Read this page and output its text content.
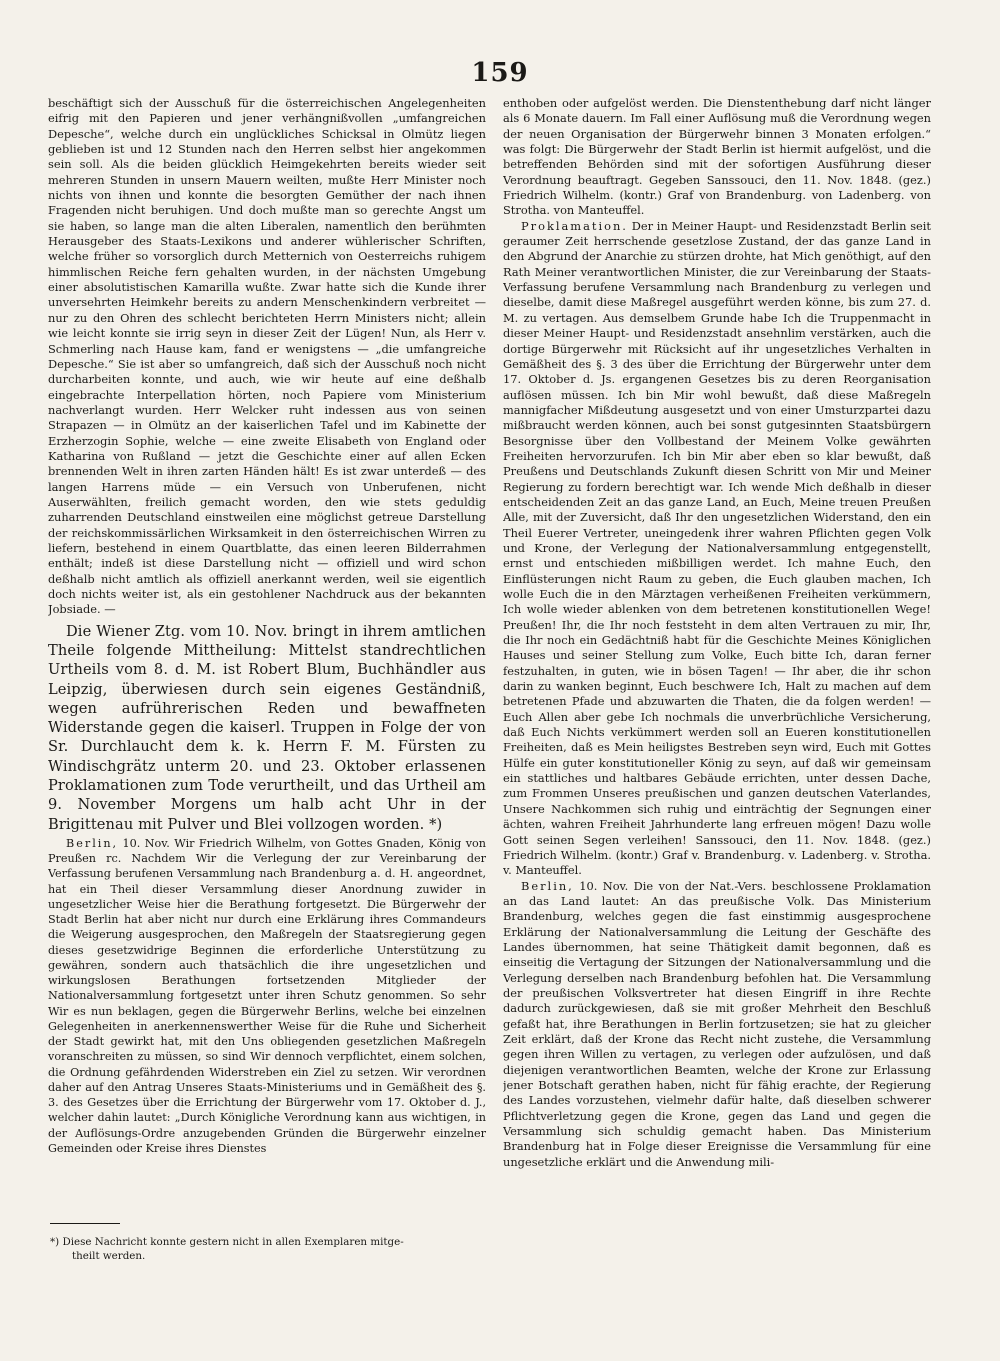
159

beschäftigt sich der Ausschuß für die österreichischen Angelegenheiten eifrig mit den Papieren und jener verhängnißvollen „umfangreichen Depesche“, welche durch ein unglückliches Schicksal in Olmütz liegen geblieben ist und 12 Stunden nach den Herren selbst hier angekommen sein soll. Als die beiden glücklich Heimgekehrten bereits wieder seit mehreren Stunden in unsern Mauern weilten, mußte Herr Minister noch nichts von ihnen und konnte die besorgten Gemüther der nach ihnen Fragenden nicht beruhigen. Und doch mußte man so gerechte Angst um sie haben, so lange man die alten Liberalen, namentlich den berühmten Herausgeber des Staats-Lexikons und anderer wühlerischer Schriften, welche früher so vorsorglich durch Metternich von Oesterreichs ruhigem himmlischen Reiche fern gehalten wurden, in der nächsten Umgebung einer absolutistischen Kamarilla wußte. Zwar hatte sich die Kunde ihrer unversehrten Heimkehr bereits zu andern Menschenkindern verbreitet — nur zu den Ohren des schlecht berichteten Herrn Ministers nicht; allein wie leicht konnte sie irrig seyn in dieser Zeit der Lügen! Nun, als Herr v. Schmerling nach Hause kam, fand er wenigstens — „die umfangreiche Depesche.“ Sie ist aber so umfangreich, daß sich der Ausschuß noch nicht durcharbeiten konnte, und auch, wie wir heute auf eine deßhalb eingebrachte Interpellation hörten, noch Papiere vom Ministerium nachverlangt wurden. Herr Welcker ruht indessen aus von seinen Strapazen — in Olmütz an der kaiserlichen Tafel und im Kabinette der Erzherzogin Sophie, welche — eine zweite Elisabeth von England oder Katharina von Rußland — jetzt die Geschichte einer auf allen Ecken brennenden Welt in ihren zarten Händen hält! Es ist zwar unterdeß — des langen Harrens müde — ein Versuch von Unberufenen, nicht Auserwählten, freilich gemacht worden, den wie stets geduldig zuharrenden Deutschland einstweilen eine möglichst getreue Darstellung der reichskommissärlichen Wirksamkeit in den österreichischen Wirren zu liefern, bestehend in einem Quartblatte, das einen leeren Bilderrahmen enthält; indeß ist diese Darstellung nicht — offiziell und wird schon deßhalb nicht amtlich als offiziell anerkannt werden, weil sie eigentlich doch nichts weiter ist, als ein gestohlener Nachdruck aus der bekannten Jobsiade. —

Die Wiener Ztg. vom 10. Nov. bringt in ihrem amtlichen Theile folgende Mittheilung: Mittelst standrechtlichen Urtheils vom 8. d. M. ist Robert Blum, Buchhändler aus Leipzig, überwiesen durch sein eigenes Geständniß, wegen aufrührerischen Reden und bewaffneten Widerstande gegen die kaiserl. Truppen in Folge der von Sr. Durchlaucht dem k. k. Herrn F. M. Fürsten zu Windischgrätz unterm 20. und 23. Oktober erlassenen Proklamationen zum Tode verurtheilt, und das Urtheil am 9. November Morgens um halb acht Uhr in der Brigittenau mit Pulver und Blei vollzogen worden. *)

Berlin, 10. Nov. Wir Friedrich Wilhelm, von Gottes Gnaden, König von Preußen rc. Nachdem Wir die Verlegung der zur Vereinbarung der Verfassung berufenen Versammlung nach Brandenburg a. d. H. angeordnet, hat ein Theil dieser Versammlung dieser Anordnung zuwider in ungesetzlicher Weise hier die Berathung fortgesetzt. Die Bürgerwehr der Stadt Berlin hat aber nicht nur durch eine Erklärung ihres Commandeurs die Weigerung ausgesprochen, den Maßregeln der Staatsregierung gegen dieses gesetzwidrige Beginnen die erforderliche Unterstützung zu gewähren, sondern auch thatsächlich die ihre ungesetzlichen und wirkungslosen Berathungen fortsetzenden Mitglieder der Nationalversammlung fortgesetzt unter ihren Schutz genommen. So sehr Wir es nun beklagen, gegen die Bürgerwehr Berlins, welche bei einzelnen Gelegenheiten in anerkennenswerther Weise für die Ruhe und Sicherheit der Stadt gewirkt hat, mit den Uns obliegenden gesetzlichen Maßregeln voranschreiten zu müssen, so sind Wir dennoch verpflichtet, einem solchen, die Ordnung gefährdenden Widerstreben ein Ziel zu setzen. Wir verordnen daher auf den Antrag Unseres Staats-Ministeriums und in Gemäßheit des §. 3. des Gesetzes über die Errichtung der Bürgerwehr vom 17. Oktober d. J., welcher dahin lautet: „Durch Königliche Verordnung kann aus wichtigen, in der Auflösungs-Ordre anzugebenden Gründen die Bürgerwehr einzelner Gemeinden oder Kreise ihres Dienstes

*) Diese Nachricht konnte gestern nicht in allen Exemplaren mitge-
theilt werden.

enthoben oder aufgelöst werden. Die Dienstenthebung darf nicht länger als 6 Monate dauern. Im Fall einer Auflösung muß die Verordnung wegen der neuen Organisation der Bürgerwehr binnen 3 Monaten erfolgen.“ was folgt: Die Bürgerwehr der Stadt Berlin ist hiermit aufgelöst, und die betreffenden Behörden sind mit der sofortigen Ausführung dieser Verordnung beauftragt. Gegeben Sanssouci, den 11. Nov. 1848. (gez.) Friedrich Wilhelm. (kontr.) Graf von Brandenburg. von Ladenberg. von Strotha. von Manteuffel.

Proklamation. Der in Meiner Haupt- und Residenzstadt Berlin seit geraumer Zeit herrschende gesetzlose Zustand, der das ganze Land in den Abgrund der Anarchie zu stürzen drohte, hat Mich genöthigt, auf den Rath Meiner verantwortlichen Minister, die zur Vereinbarung der Staats-Verfassung berufene Versammlung nach Brandenburg zu verlegen und dieselbe, damit diese Maßregel ausgeführt werden könne, bis zum 27. d. M. zu vertagen. Aus demselbem Grunde habe Ich die Truppenmacht in dieser Meiner Haupt- und Residenzstadt ansehnlim verstärken, auch die dortige Bürgerwehr mit Rücksicht auf ihr ungesetzliches Verhalten in Gemäßheit des §. 3 des über die Errichtung der Bürgerwehr unter dem 17. Oktober d. Js. ergangenen Gesetzes bis zu deren Reorganisation auflösen müssen. Ich bin Mir wohl bewußt, daß diese Maßregeln mannigfacher Mißdeutung ausgesetzt und von einer Umsturzpartei dazu mißbraucht werden können, auch bei sonst gutgesinnten Staatsbürgern Besorgnisse über den Vollbestand der Meinem Volke gewährten Freiheiten hervorzurufen. Ich bin Mir aber eben so klar bewußt, daß Preußens und Deutschlands Zukunft diesen Schritt von Mir und Meiner Regierung zu fordern berechtigt war. Ich wende Mich deßhalb in dieser entscheidenden Zeit an das ganze Land, an Euch, Meine treuen Preußen Alle, mit der Zuversicht, daß Ihr den ungesetzlichen Widerstand, den ein Theil Euerer Vertreter, uneingedenk ihrer wahren Pflichten gegen Volk und Krone, der Verlegung der Nationalversammlung entgegenstellt, ernst und entschieden mißbilligen werdet. Ich mahne Euch, den Einflüsterungen nicht Raum zu geben, die Euch glauben machen, Ich wolle Euch die in den Märztagen verheißenen Freiheiten verkümmern, Ich wolle wieder ablenken von dem betretenen konstitutionellen Wege! Preußen! Ihr, die Ihr noch feststeht in dem alten Vertrauen zu mir, Ihr, die Ihr noch ein Gedächtniß habt für die Geschichte Meines Königlichen Hauses und seiner Stellung zum Volke, Euch bitte Ich, daran ferner festzuhalten, in guten, wie in bösen Tagen! — Ihr aber, die ihr schon darin zu wanken beginnt, Euch beschwere Ich, Halt zu machen auf dem betretenen Pfade und abzuwarten die Thaten, die da folgen werden! — Euch Allen aber gebe Ich nochmals die unverbrüchliche Versicherung, daß Euch Nichts verkümmert werden soll an Eueren konstitutionellen Freiheiten, daß es Mein heiligstes Bestreben seyn wird, Euch mit Gottes Hülfe ein guter konstitutioneller König zu seyn, auf daß wir gemeinsam ein stattliches und haltbares Gebäude errichten, unter dessen Dache, zum Frommen Unseres preußischen und ganzen deutschen Vaterlandes, Unsere Nachkommen sich ruhig und einträchtig der Segnungen einer ächten, wahren Freiheit Jahrhunderte lang erfreuen mögen! Dazu wolle Gott seinen Segen verleihen! Sanssouci, den 11. Nov. 1848. (gez.) Friedrich Wilhelm. (kontr.) Graf v. Brandenburg. v. Ladenberg. v. Strotha. v. Manteuffel.

Berlin, 10. Nov. Die von der Nat.-Vers. beschlossene Proklamation an das Land lautet: An das preußische Volk. Das Ministerium Brandenburg, welches gegen die fast einstimmig ausgesprochene Erklärung der Nationalversammlung die Leitung der Geschäfte des Landes übernommen, hat seine Thätigkeit damit begonnen, daß es einseitig die Vertagung der Sitzungen der Nationalversammlung und die Verlegung derselben nach Brandenburg befohlen hat. Die Versammlung der preußischen Volksvertreter hat diesen Eingriff in ihre Rechte dadurch zurückgewiesen, daß sie mit großer Mehrheit den Beschluß gefaßt hat, ihre Berathungen in Berlin fortzusetzen; sie hat zu gleicher Zeit erklärt, daß der Krone das Recht nicht zustehe, die Versammlung gegen ihren Willen zu vertagen, zu verlegen oder aufzulösen, und daß diejenigen verantwortlichen Beamten, welche der Krone zur Erlassung jener Botschaft gerathen haben, nicht für fähig erachte, der Regierung des Landes vorzustehen, vielmehr dafür halte, daß dieselben schwerer Pflichtverletzung gegen die Krone, gegen das Land und gegen die Versammlung sich schuldig gemacht haben. Das Ministerium Brandenburg hat in Folge dieser Ereignisse die Versammlung für eine ungesetzliche erklärt und die Anwendung mili-
